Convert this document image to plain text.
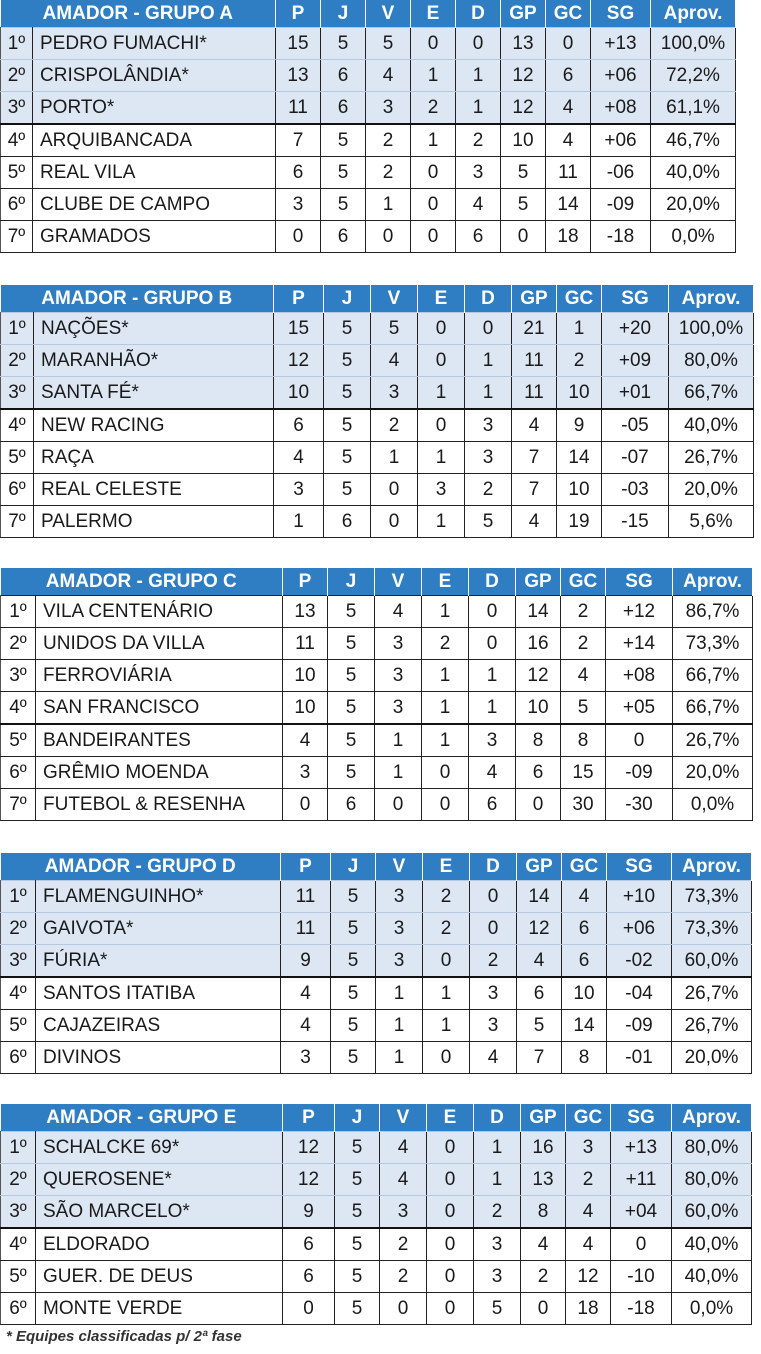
AMADOR - GRUPO A		P	J	V	E	D	GP	GC	SG	Aprov.
1º	PEDRO FUMACHI*	15	5	5	0	0	13	0	+13	100,0%
2º	CRISPOLÂNDIA*	13	6	4	1	1	12	6	+06	72,2%
3º	PORTO*	11	6	3	2	1	12	4	+08	61,1%
4º	ARQUIBANCADA	7	5	2	1	2	10	4	+06	46,7%
5º	REAL VILA	6	5	2	0	3	5	11	-06	40,0%
6º	CLUBE DE CAMPO	3	5	1	0	4	5	14	-09	20,0%
7º	GRAMADOS	0	6	0	0	6	0	18	-18	0,0%
AMADOR - GRUPO B		P	J	V	E	D	GP	GC	SG	Aprov.
1º	NAÇÕES*	15	5	5	0	0	21	1	+20	100,0%
2º	MARANHÃO*	12	5	4	0	1	11	2	+09	80,0%
3º	SANTA FÉ*	10	5	3	1	1	11	10	+01	66,7%
4º	NEW RACING	6	5	2	0	3	4	9	-05	40,0%
5º	RAÇA	4	5	1	1	3	7	14	-07	26,7%
6º	REAL CELESTE	3	5	0	3	2	7	10	-03	20,0%
7º	PALERMO	1	6	0	1	5	4	19	-15	5,6%
AMADOR - GRUPO C		P	J	V	E	D	GP	GC	SG	Aprov.
1º	VILA CENTENÁRIO	13	5	4	1	0	14	2	+12	86,7%
2º	UNIDOS DA VILLA	11	5	3	2	0	16	2	+14	73,3%
3º	FERROVIÁRIA	10	5	3	1	1	12	4	+08	66,7%
4º	SAN FRANCISCO	10	5	3	1	1	10	5	+05	66,7%
5º	BANDEIRANTES	4	5	1	1	3	8	8	0	26,7%
6º	GRÊMIO MOENDA	3	5	1	0	4	6	15	-09	20,0%
7º	FUTEBOL & RESENHA	0	6	0	0	6	0	30	-30	0,0%
AMADOR - GRUPO D		P	J	V	E	D	GP	GC	SG	Aprov.
1º	FLAMENGUINHO*	11	5	3	2	0	14	4	+10	73,3%
2º	GAIVOTA*	11	5	3	2	0	12	6	+06	73,3%
3º	FÚRIA*	9	5	3	0	2	4	6	-02	60,0%
4º	SANTOS ITATIBA	4	5	1	1	3	6	10	-04	26,7%
5º	CAJAZEIRAS	4	5	1	1	3	5	14	-09	26,7%
6º	DIVINOS	3	5	1	0	4	7	8	-01	20,0%
AMADOR - GRUPO E		P	J	V	E	D	GP	GC	SG	Aprov.
1º	SCHALCKE 69*	12	5	4	0	1	16	3	+13	80,0%
2º	QUEROSENE*	12	5	4	0	1	13	2	+11	80,0%
3º	SÃO MARCELO*	9	5	3	0	2	8	4	+04	60,0%
4º	ELDORADO	6	5	2	0	3	4	4	0	40,0%
5º	GUER. DE DEUS	6	5	2	0	3	2	12	-10	40,0%
6º	MONTE VERDE	0	5	0	0	5	0	18	-18	0,0%
* Equipes classificadas p/ 2ª fase
